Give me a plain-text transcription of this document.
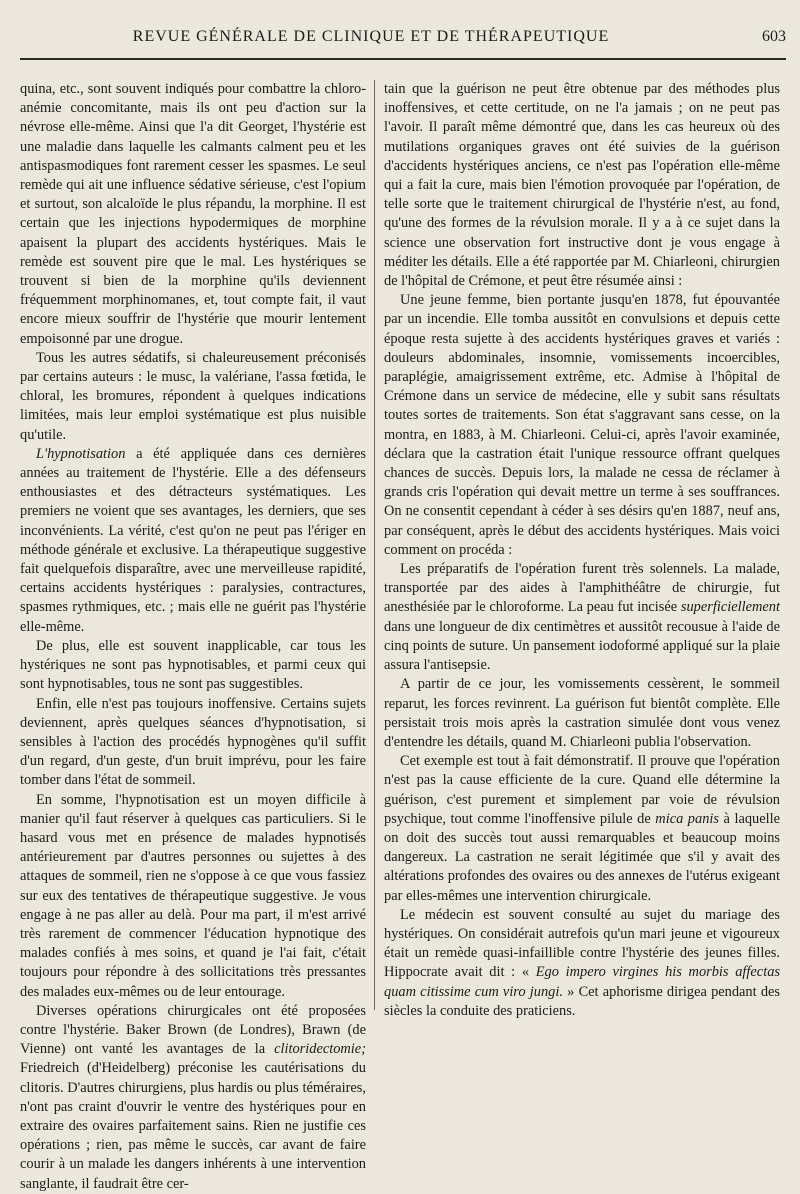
REVUE GÉNÉRALE DE CLINIQUE ET DE THÉRAPEUTIQUE	603

quina, etc., sont souvent indiqués pour combattre la chloro-anémie concomitante, mais ils ont peu d'action sur la névrose elle-même. Ainsi que l'a dit Georget, l'hystérie est une maladie dans laquelle les calmants calment peu et les antispasmodiques font rarement cesser les spasmes. Le seul remède qui ait une influence sédative sérieuse, c'est l'opium et surtout, son alcaloïde le plus répandu, la morphine. Il est certain que les injections hypodermiques de morphine apaisent la plupart des accidents hystériques. Mais le remède est souvent pire que le mal. Les hystériques se trouvent si bien de la morphine qu'ils deviennent fréquemment morphinomanes, et, tout compte fait, il vaut encore mieux souffrir de l'hystérie que mourir lentement empoisonné par une drogue.

Tous les autres sédatifs, si chaleureusement préconisés par certains auteurs : le musc, la valériane, l'assa fœtida, le chloral, les bromures, répondent à quelques indications limitées, mais leur emploi systématique est plus nuisible qu'utile.

L'hypnotisation a été appliquée dans ces dernières années au traitement de l'hystérie. Elle a des défenseurs enthousiastes et des détracteurs systématiques. Les premiers ne voient que ses avantages, les derniers, que ses inconvénients. La vérité, c'est qu'on ne peut pas l'ériger en méthode générale et exclusive. La thérapeutique suggestive fait quelquefois disparaître, avec une merveilleuse rapidité, certains accidents hystériques : paralysies, contractures, spasmes rythmiques, etc. ; mais elle ne guérit pas l'hystérie elle-même.

De plus, elle est souvent inapplicable, car tous les hystériques ne sont pas hypnotisables, et parmi ceux qui sont hypnotisables, tous ne sont pas suggestibles.

Enfin, elle n'est pas toujours inoffensive. Certains sujets deviennent, après quelques séances d'hypnotisation, si sensibles à l'action des procédés hypnogènes qu'il suffit d'un regard, d'un geste, d'un bruit imprévu, pour les faire tomber dans l'état de sommeil.

En somme, l'hypnotisation est un moyen difficile à manier qu'il faut réserver à quelques cas particuliers. Si le hasard vous met en présence de malades hypnotisés antérieurement par d'autres personnes ou sujettes à des attaques de sommeil, rien ne s'oppose à ce que vous fassiez sur eux des tentatives de thérapeutique suggestive. Je vous engage à ne pas aller au delà. Pour ma part, il m'est arrivé très rarement de commencer l'éducation hypnotique des malades confiés à mes soins, et quand je l'ai fait, c'était toujours pour répondre à des sollicitations très pressantes des malades eux-mêmes ou de leur entourage.

Diverses opérations chirurgicales ont été proposées contre l'hystérie. Baker Brown (de Londres), Brawn (de Vienne) ont vanté les avantages de la clitoridectomie; Friedreich (d'Heidelberg) préconise les cautérisations du clitoris. D'autres chirurgiens, plus hardis ou plus téméraires, n'ont pas craint d'ouvrir le ventre des hystériques pour en extraire des ovaires parfaitement sains. Rien ne justifie ces opérations ; rien, pas même le succès, car avant de faire courir à un malade les dangers inhérents à une intervention sanglante, il faudrait être cer-

tain que la guérison ne peut être obtenue par des méthodes plus inoffensives, et cette certitude, on ne l'a jamais ; on ne peut pas l'avoir. Il paraît même démontré que, dans les cas heureux où des mutilations organiques graves ont été suivies de la guérison d'accidents hystériques anciens, ce n'est pas l'opération elle-même qui a fait la cure, mais bien l'émotion provoquée par l'opération, de telle sorte que le traitement chirurgical de l'hystérie n'est, au fond, qu'une des formes de la révulsion morale. Il y a à ce sujet dans la science une observation fort instructive dont je vous engage à méditer les détails. Elle a été rapportée par M. Chiarleoni, chirurgien de l'hôpital de Crémone, et peut être résumée ainsi :

Une jeune femme, bien portante jusqu'en 1878, fut épouvantée par un incendie. Elle tomba aussitôt en convulsions et depuis cette époque resta sujette à des accidents hystériques graves et variés : douleurs abdominales, insomnie, vomissements incoercibles, paraplégie, amaigrissement extrême, etc. Admise à l'hôpital de Crémone dans un service de médecine, elle y subit sans résultats toutes sortes de traitements. Son état s'aggravant sans cesse, on la montra, en 1883, à M. Chiarleoni. Celui-ci, après l'avoir examinée, déclara que la castration était l'unique ressource offrant quelques chances de succès. Depuis lors, la malade ne cessa de réclamer à grands cris l'opération qui devait mettre un terme à ses souffrances. On ne consentit cependant à céder à ses désirs qu'en 1887, neuf ans, par conséquent, après le début des accidents hystériques. Mais voici comment on procéda :

Les préparatifs de l'opération furent très solennels. La malade, transportée par des aides à l'amphithéâtre de chirurgie, fut anesthésiée par le chloroforme. La peau fut incisée superficiellement dans une longueur de dix centimètres et aussitôt recousue à l'aide de cinq points de suture. Un pansement iodoformé appliqué sur la plaie assura l'antisepsie.

A partir de ce jour, les vomissements cessèrent, le sommeil reparut, les forces revinrent. La guérison fut bientôt complète. Elle persistait trois mois après la castration simulée dont vous venez d'entendre les détails, quand M. Chiarleoni publia l'observation.

Cet exemple est tout à fait démonstratif. Il prouve que l'opération n'est pas la cause efficiente de la cure. Quand elle détermine la guérison, c'est purement et simplement par voie de révulsion psychique, tout comme l'inoffensive pilule de mica panis à laquelle on doit des succès tout aussi remarquables et beaucoup moins dangereux. La castration ne serait légitimée que s'il y avait des altérations profondes des ovaires ou des annexes de l'utérus exigeant par elles-mêmes une intervention chirurgicale.

Le médecin est souvent consulté au sujet du mariage des hystériques. On considérait autrefois qu'un mari jeune et vigoureux était un remède quasi-infaillible contre l'hystérie des jeunes filles. Hippocrate avait dit : « Ego impero virgines his morbis affectas quam citissime cum viro jungi. » Cet aphorisme dirigea pendant des siècles la conduite des praticiens.
